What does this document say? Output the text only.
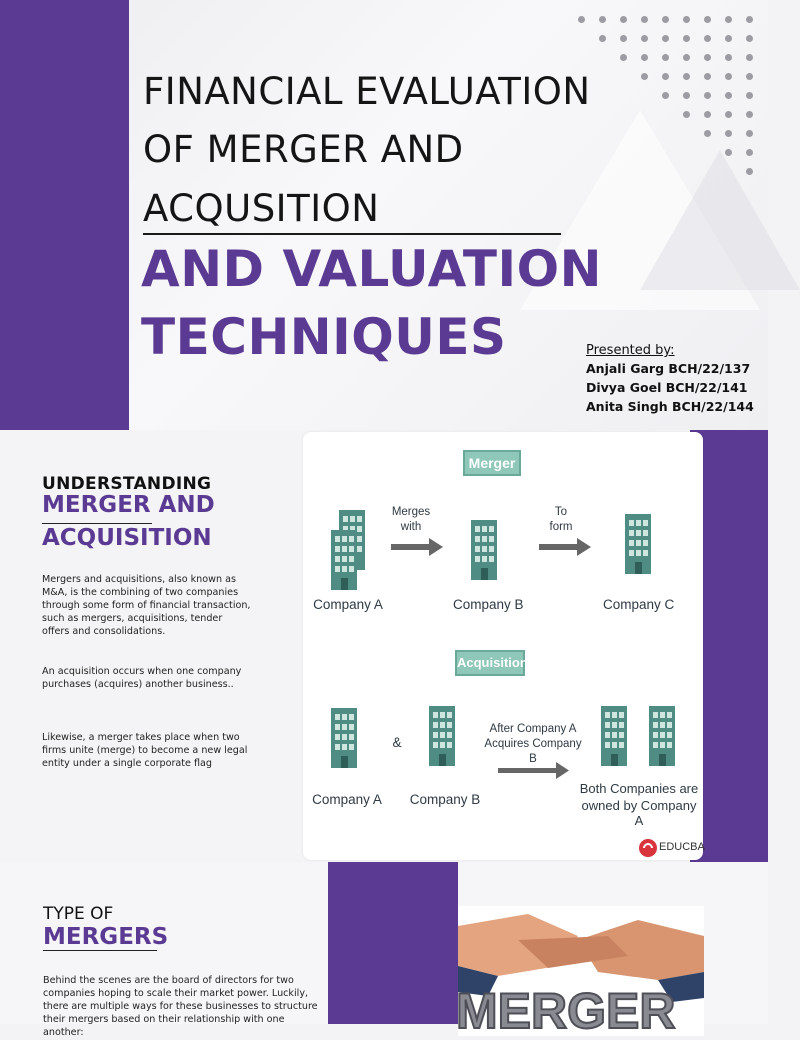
FINANCIAL EVALUATION
OF MERGER AND
ACQUSITION
AND VALUATION
TECHNIQUES	Presented by:
Anjali Garg BCH/22/137
Divya Goel BCH/22/141
Anita Singh BCH/22/144
UNDERSTANDING
MERGER AND
ACQUISITION
Mergers and acquisitions, also known as M&A, is the combining of two companies through some form of financial transaction, such as mergers, acquisitions, tender offers and consolidations.
An acquisition occurs when one company purchases (acquires) another business..
Likewise, a merger takes place when two firms unite (merge) to become a new legal entity under a single corporate flag
Merger
Merges
with
To
form
Company A	Company B	Company C
Acquisition
Company A
&
Company B
After Company A
Acquires Company B
Both Companies are
owned by Company A
EDUCBA
TYPE OF
MERGERS
Behind the scenes are the board of directors for two companies hoping to scale their market power. Luckily, there are multiple ways for these businesses to structure their mergers based on their relationship with one another:	MERGER
